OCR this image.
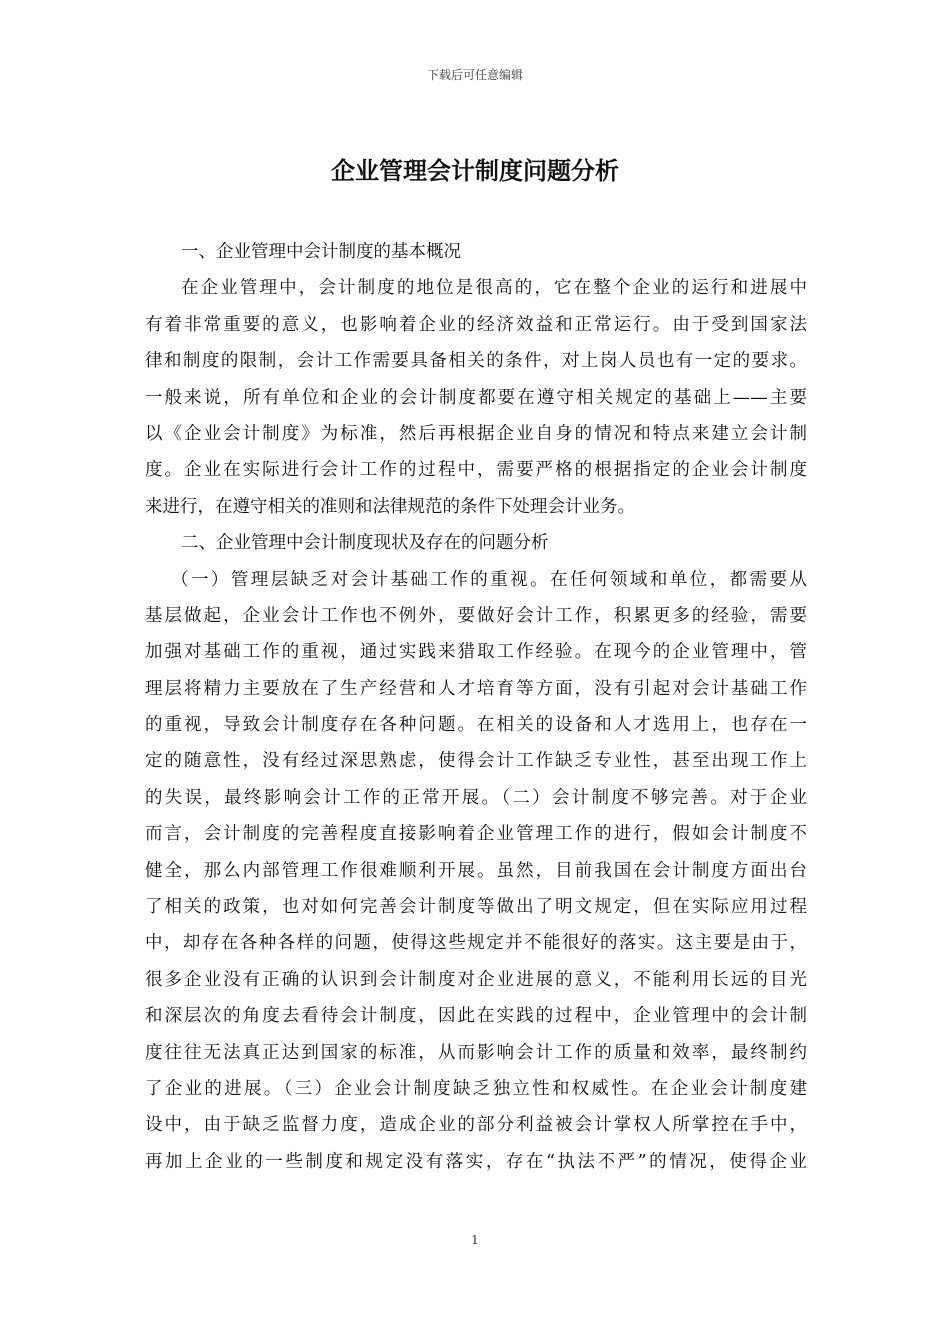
下载后可任意编辑
企业管理会计制度问题分析
一、企业管理中会计制度的基本概况
在企业管理中，会计制度的地位是很高的，它在整个企业的运行和进展中
有着非常重要的意义，也影响着企业的经济效益和正常运行。由于受到国家法
律和制度的限制，会计工作需要具备相关的条件，对上岗人员也有一定的要求。
一般来说，所有单位和企业的会计制度都要在遵守相关规定的基础上——主要
以《企业会计制度》为标准，然后再根据企业自身的情况和特点来建立会计制
度。企业在实际进行会计工作的过程中，需要严格的根据指定的企业会计制度
来进行，在遵守相关的准则和法律规范的条件下处理会计业务。
二、企业管理中会计制度现状及存在的问题分析
（一）管理层缺乏对会计基础工作的重视。在任何领域和单位，都需要从
基层做起，企业会计工作也不例外，要做好会计工作，积累更多的经验，需要
加强对基础工作的重视，通过实践来猎取工作经验。在现今的企业管理中，管
理层将精力主要放在了生产经营和人才培育等方面，没有引起对会计基础工作
的重视，导致会计制度存在各种问题。在相关的设备和人才选用上，也存在一
定的随意性，没有经过深思熟虑，使得会计工作缺乏专业性，甚至出现工作上
的失误，最终影响会计工作的正常开展。（二）会计制度不够完善。对于企业
而言，会计制度的完善程度直接影响着企业管理工作的进行，假如会计制度不
健全，那么内部管理工作很难顺利开展。虽然，目前我国在会计制度方面出台
了相关的政策，也对如何完善会计制度等做出了明文规定，但在实际应用过程
中，却存在各种各样的问题，使得这些规定并不能很好的落实。这主要是由于，
很多企业没有正确的认识到会计制度对企业进展的意义，不能利用长远的目光
和深层次的角度去看待会计制度，因此在实践的过程中，企业管理中的会计制
度往往无法真正达到国家的标准，从而影响会计工作的质量和效率，最终制约
了企业的进展。（三）企业会计制度缺乏独立性和权威性。在企业会计制度建
设中，由于缺乏监督力度，造成企业的部分利益被会计掌权人所掌控在手中，
再加上企业的一些制度和规定没有落实，存在“执法不严”的情况，使得企业
1
